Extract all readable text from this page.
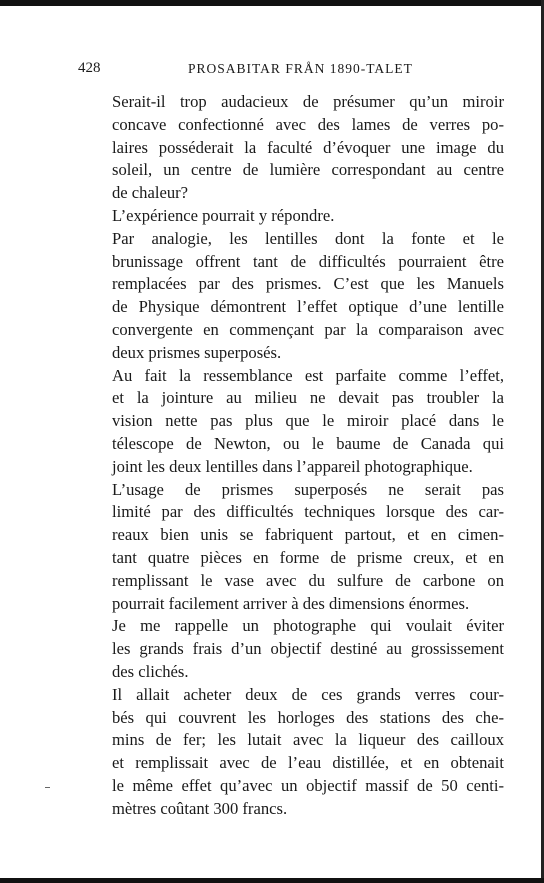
428	PROSABITAR FRÅN 1890-TALET

Serait-il trop audacieux de présumer qu’un miroir
concave confectionné avec des lames de verres po-
laires posséderait la faculté d’évoquer une image du
soleil, un centre de lumière correspondant au centre
de chaleur?

L’expérience pourrait y répondre.

Par analogie, les lentilles dont la fonte et le
brunissage offrent tant de difficultés pourraient être
remplacées par des prismes. C’est que les Manuels
de Physique démontrent l’effet optique d’une lentille
convergente en commençant par la comparaison avec
deux prismes superposés.

Au fait la ressemblance est parfaite comme l’effet,
et la jointure au milieu ne devait pas troubler la
vision nette pas plus que le miroir placé dans le
télescope de Newton, ou le baume de Canada qui
joint les deux lentilles dans l’appareil photographique.

L’usage de prismes superposés ne serait pas
limité par des difficultés techniques lorsque des car-
reaux bien unis se fabriquent partout, et en cimen-
tant quatre pièces en forme de prisme creux, et en
remplissant le vase avec du sulfure de carbone on
pourrait facilement arriver à des dimensions énormes.

Je me rappelle un photographe qui voulait éviter
les grands frais d’un objectif destiné au grossissement
des clichés.

Il allait acheter deux de ces grands verres cour-
bés qui couvrent les horloges des stations des che-
mins de fer; les lutait avec la liqueur des cailloux
et remplissait avec de l’eau distillée, et en obtenait
le même effet qu’avec un objectif massif de 50 centi-
mètres coûtant 300 francs.
